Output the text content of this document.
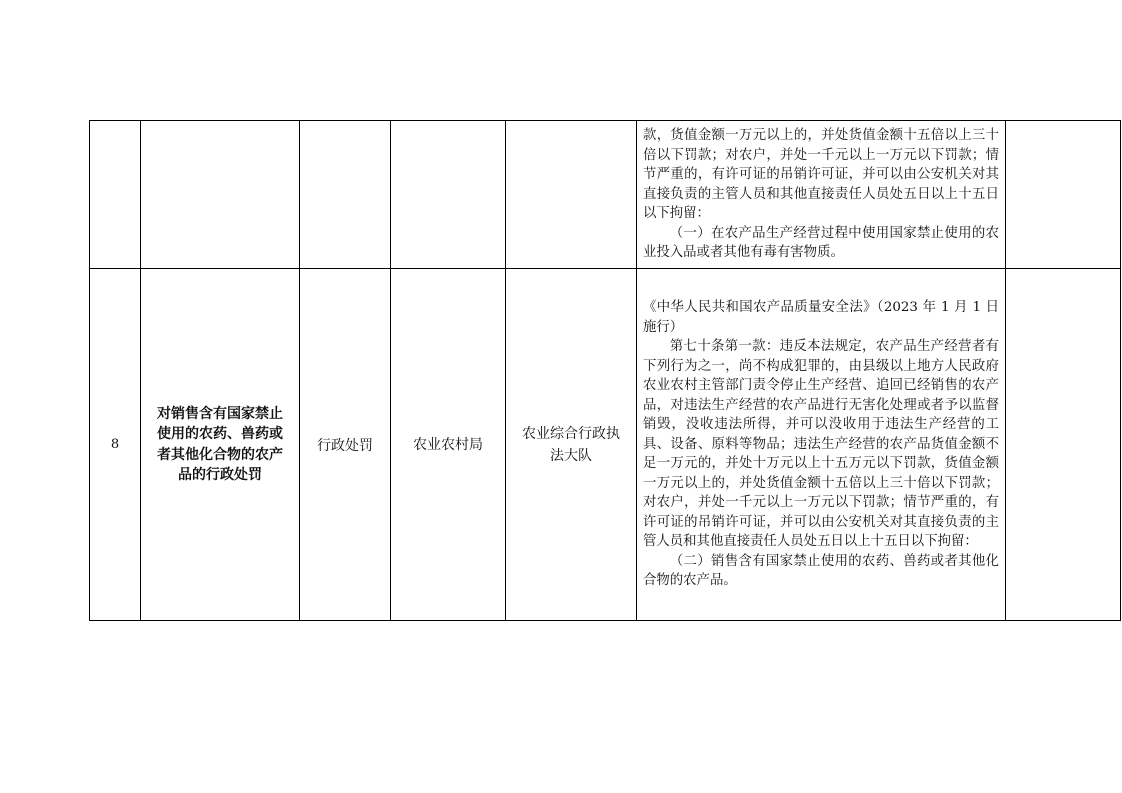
					款，货值金额一万元以上的，并处货值金额十五倍以上三十倍以下罚款；对农户，并处一千元以上一万元以下罚款；情节严重的，有许可证的吊销许可证，并可以由公安机关对其直接负责的主管人员和其他直接责任人员处五日以上十五日以下拘留：

（一）在农产品生产经营过程中使用国家禁止使用的农业投入品或者其他有毒有害物质。	

8	对销售含有国家禁止使用的农药、兽药或者其他化合物的农产品的行政处罚	行政处罚	农业农村局	农业综合行政执法大队	《中华人民共和国农产品质量安全法》（2023 年 1 月 1 日施行）

第七十条第一款：违反本法规定，农产品生产经营者有下列行为之一，尚不构成犯罪的，由县级以上地方人民政府农业农村主管部门责令停止生产经营、追回已经销售的农产品，对违法生产经营的农产品进行无害化处理或者予以监督销毁，没收违法所得，并可以没收用于违法生产经营的工具、设备、原料等物品；违法生产经营的农产品货值金额不足一万元的，并处十万元以上十五万元以下罚款，货值金额一万元以上的，并处货值金额十五倍以上三十倍以下罚款；对农户，并处一千元以上一万元以下罚款；情节严重的，有许可证的吊销许可证，并可以由公安机关对其直接负责的主管人员和其他直接责任人员处五日以上十五日以下拘留：

（二）销售含有国家禁止使用的农药、兽药或者其他化合物的农产品。	
